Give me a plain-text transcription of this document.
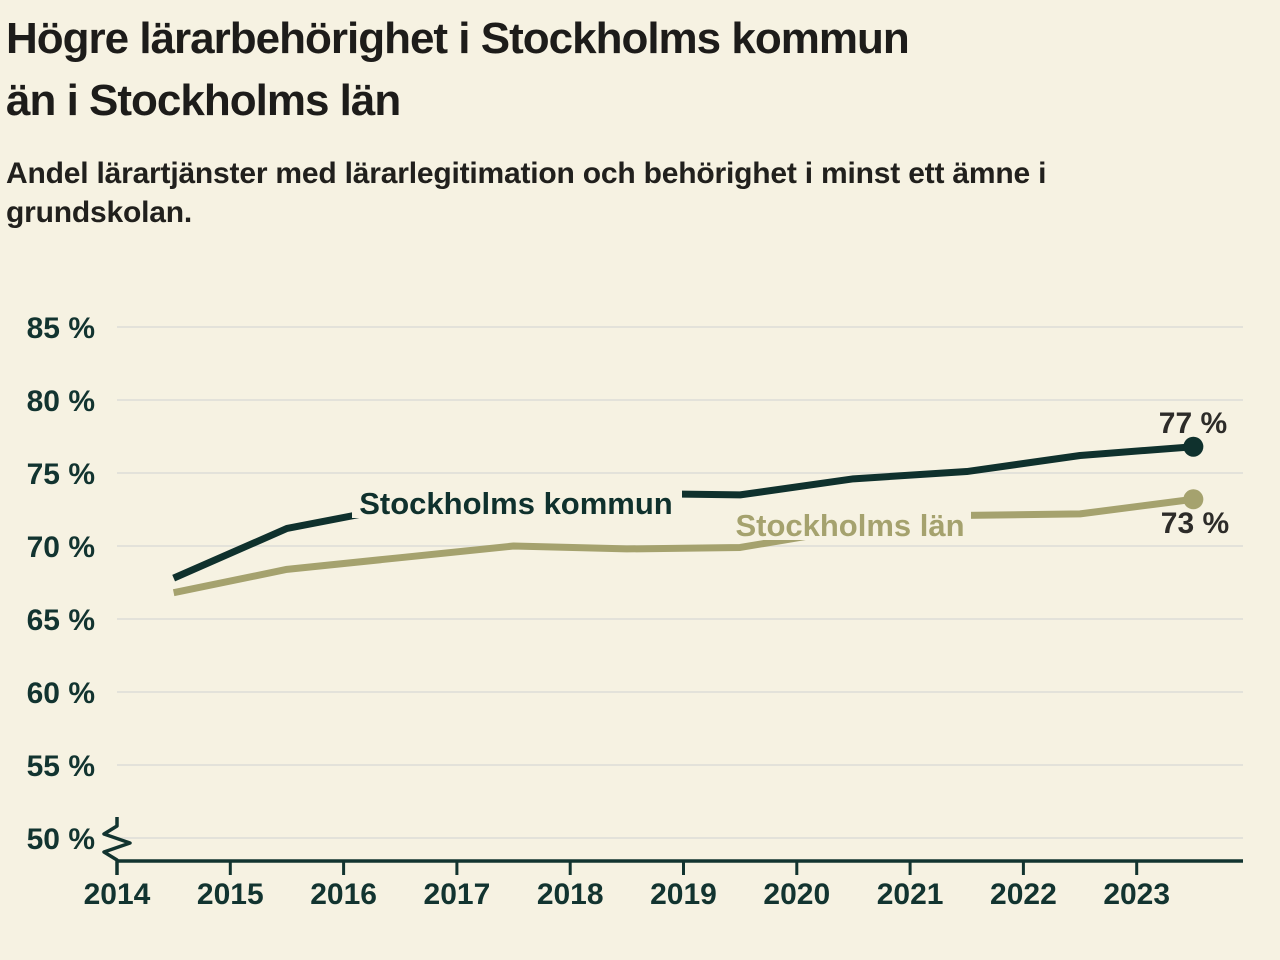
Högre lärarbehörighet i Stockholms kommun
än i Stockholms län
Andel lärartjänster med lärarlegitimation och behörighet i minst ett ämne i
grundskolan.
85 %
80 %
75 %
70 %
65 %
60 %
55 %
50 %
2014 2015 2016 2017 2018 2019 2020 2021 2022 2023
Stockholms kommun
Stockholms län
77 %
73 %
